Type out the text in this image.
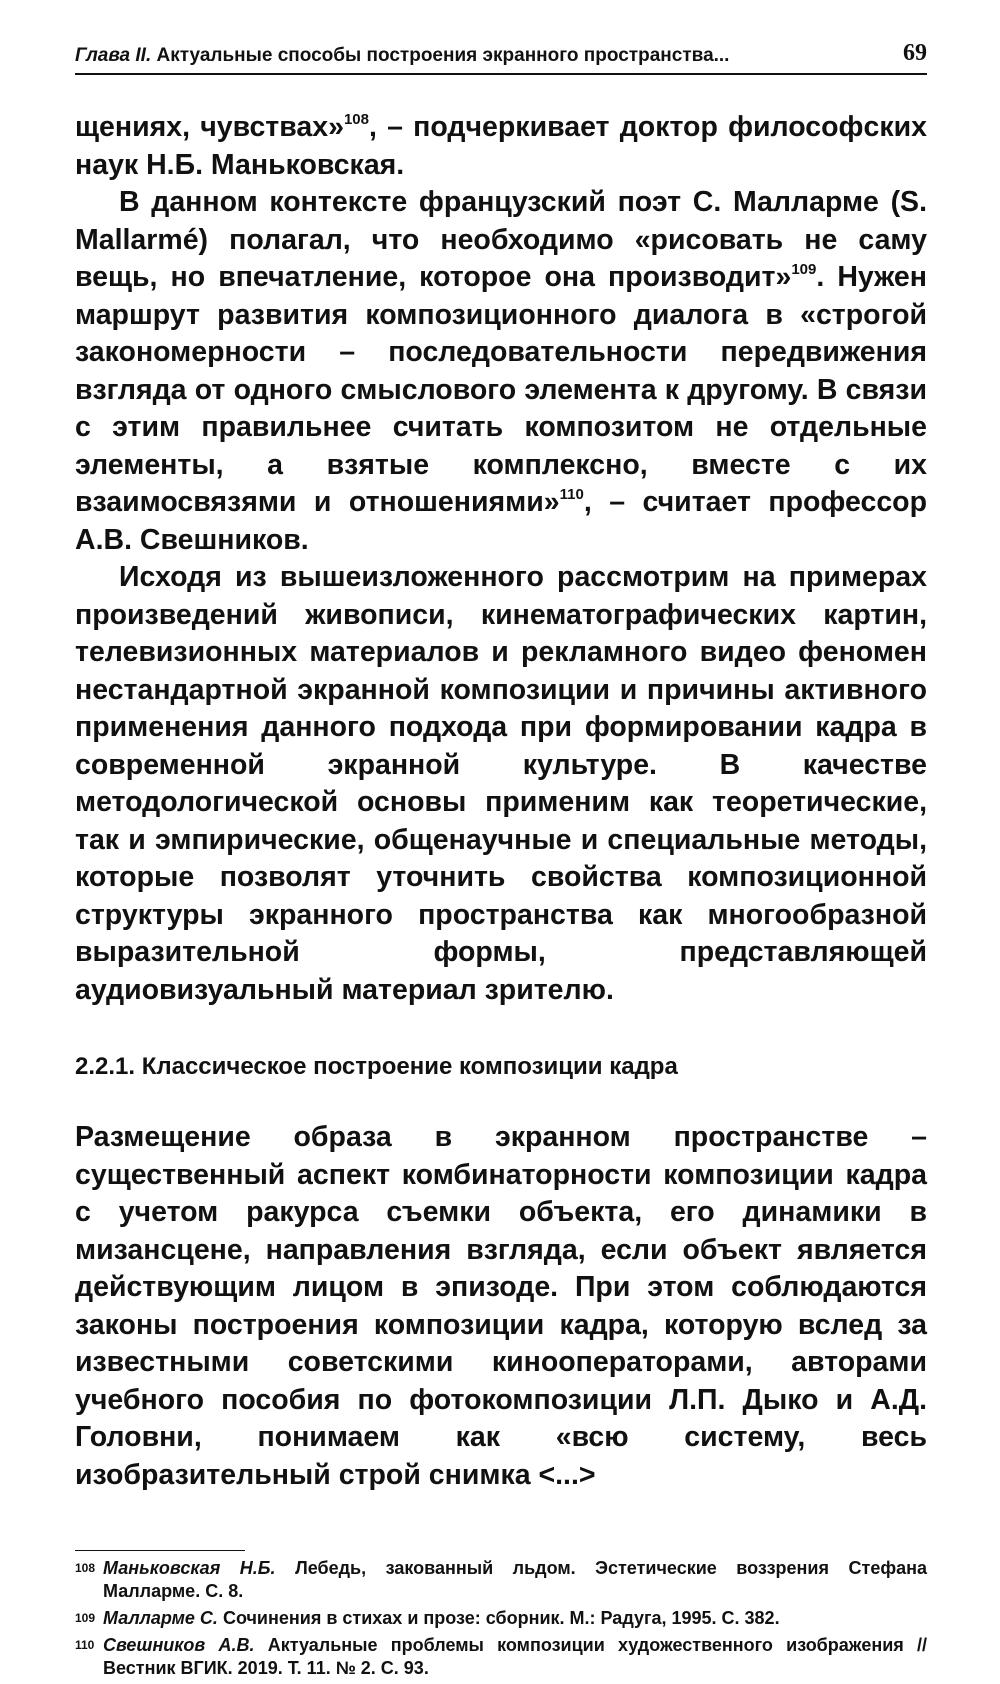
Глава II. Актуальные способы построения экранного пространства...	69

щениях, чувствах»$^{108}$, – подчеркивает доктор философских наук Н.Б. Маньковская.

В данном контексте французский поэт С. Малларме (S. Mallarmé) полагал, что необходимо «рисовать не саму вещь, но впечатление, которое она производит»$^{109}$. Нужен маршрут развития композиционного диалога в «строгой закономерности – последовательности передвижения взгляда от одного смыслового элемента к другому. В связи с этим правильнее считать композитом не отдельные элементы, а взятые комплексно, вместе с их взаимосвязями и отношениями»$^{110}$, – считает профессор А.В. Свешников.

Исходя из вышеизложенного рассмотрим на примерах произведений живописи, кинематографических картин, телевизионных материалов и рекламного видео феномен нестандартной экранной композиции и причины активного применения данного подхода при формировании кадра в современной экранной культуре. В качестве методологической основы применим как теоретические, так и эмпирические, общенаучные и специальные методы, которые позволят уточнить свойства композиционной структуры экранного пространства как многообразной выразительной формы, представляющей аудиовизуальный материал зрителю.

2.2.1. Классическое построение композиции кадра

Размещение образа в экранном пространстве – существенный аспект комбинаторности композиции кадра с учетом ракурса съемки объекта, его динамики в мизансцене, направления взгляда, если объект является действующим лицом в эпизоде. При этом соблюдаются законы построения композиции кадра, которую вслед за известными советскими кинооператорами, авторами учебного пособия по фотокомпозиции Л.П. Дыко и А.Д. Головни, понимаем как «всю систему, весь изобразительный строй снимка <...>

108 Маньковская Н.Б. Лебедь, закованный льдом. Эстетические воззрения Стефана Малларме. С. 8.
109 Малларме С. Сочинения в стихах и прозе: сборник. М.: Радуга, 1995. С. 382.
110 Свешников А.В. Актуальные проблемы композиции художественного изображения // Вестник ВГИК. 2019. Т. 11. № 2. С. 93.
